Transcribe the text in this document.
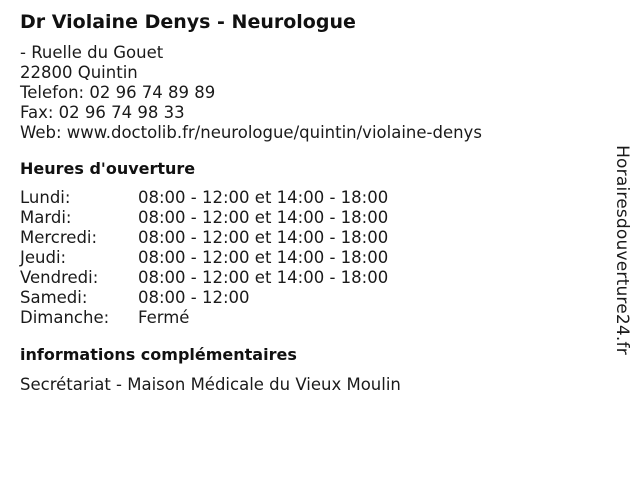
Dr Violaine Denys - Neurologue
- Ruelle du Gouet
22800 Quintin
Telefon: 02 96 74 89 89
Fax: 02 96 74 98 33
Web: www.doctolib.fr/neurologue/quintin/violaine-denys
Heures d'ouverture
Lundi:	08:00 - 12:00 et 14:00 - 18:00
Mardi:	08:00 - 12:00 et 14:00 - 18:00
Mercredi:	08:00 - 12:00 et 14:00 - 18:00
Jeudi:	08:00 - 12:00 et 14:00 - 18:00
Vendredi:	08:00 - 12:00 et 14:00 - 18:00
Samedi:	08:00 - 12:00
Dimanche:	Fermé
informations complémentaires
Secrétariat - Maison Médicale du Vieux Moulin
Horairesdouverture24.fr
